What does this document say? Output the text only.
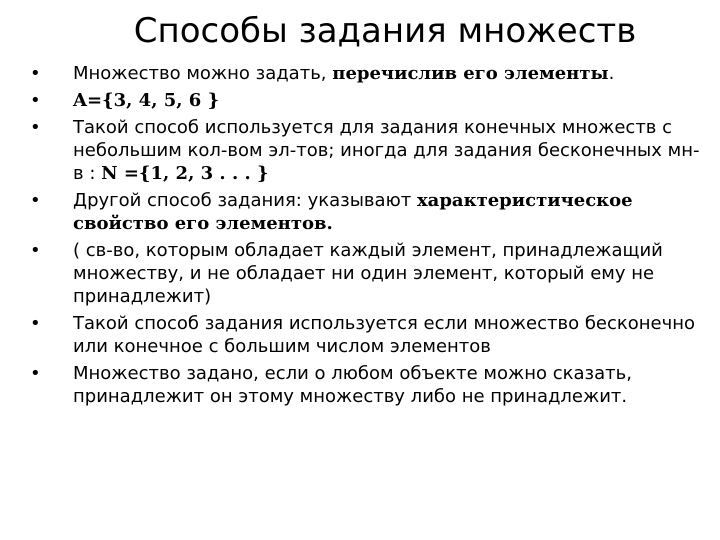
Способы задания множеств
• Множество можно задать, перечислив его элементы.
• A={3, 4, 5, 6 }
• Такой способ используется для задания конечных множеств с небольшим кол-вом эл-тов; иногда для задания бесконечных мн-в : N ={1, 2, 3 . . . }
• Другой способ задания: указывают характеристическое свойство его элементов.
• ( св-во, которым обладает каждый элемент, принадлежащий множеству, и не обладает ни один элемент, который ему не принадлежит)
• Такой способ задания используется если множество бесконечно или конечное с большим числом элементов
• Множество задано, если о любом объекте можно сказать, принадлежит он этому множеству либо не принадлежит.
